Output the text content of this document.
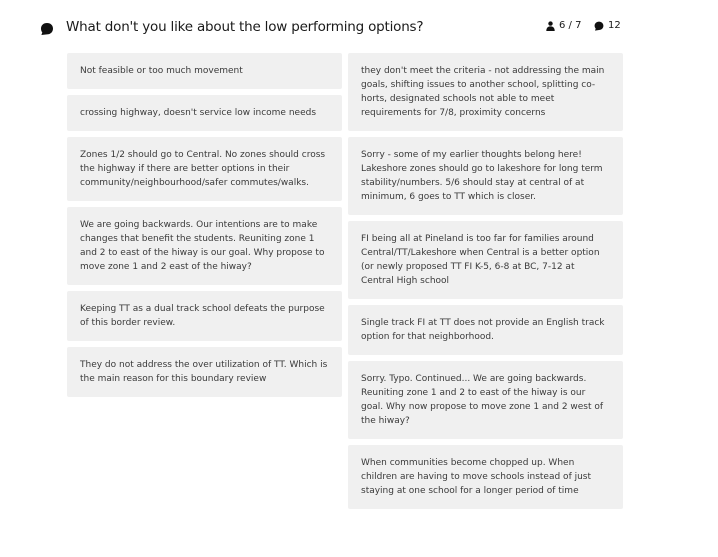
What don't you like about the low performing options?	6 / 7	12
Not feasible or too much movement
crossing highway, doesn't service low income needs
Zones 1/2 should go to Central. No zones should cross the highway if there are better options in their community/neighbourhood/safer commutes/walks.
We are going backwards. Our intentions are to make changes that benefit the students. Reuniting zone 1 and 2 to east of the hiway is our goal. Why propose to move zone 1 and 2 east of the hiway?
Keeping TT as a dual track school defeats the purpose of this border review.
They do not address the over utilization of TT. Which is the main reason for this boundary review
they don't meet the criteria - not addressing the main goals, shifting issues to another school, splitting co-horts, designated schools not able to meet requirements for 7/8, proximity concerns
Sorry - some of my earlier thoughts belong here! Lakeshore zones should go to lakeshore for long term stability/numbers. 5/6 should stay at central of at minimum, 6 goes to TT which is closer.
FI being all at Pineland is too far for families around Central/TT/Lakeshore when Central is a better option (or newly proposed TT FI K-5, 6-8 at BC, 7-12 at Central High school
Single track FI at TT does not provide an English track option for that neighborhood.
Sorry. Typo. Continued... We are going backwards. Reuniting zone 1 and 2 to east of the hiway is our goal. Why now propose to move zone 1 and 2 west of the hiway?
When communities become chopped up. When children are having to move schools instead of just staying at one school for a longer period of time
